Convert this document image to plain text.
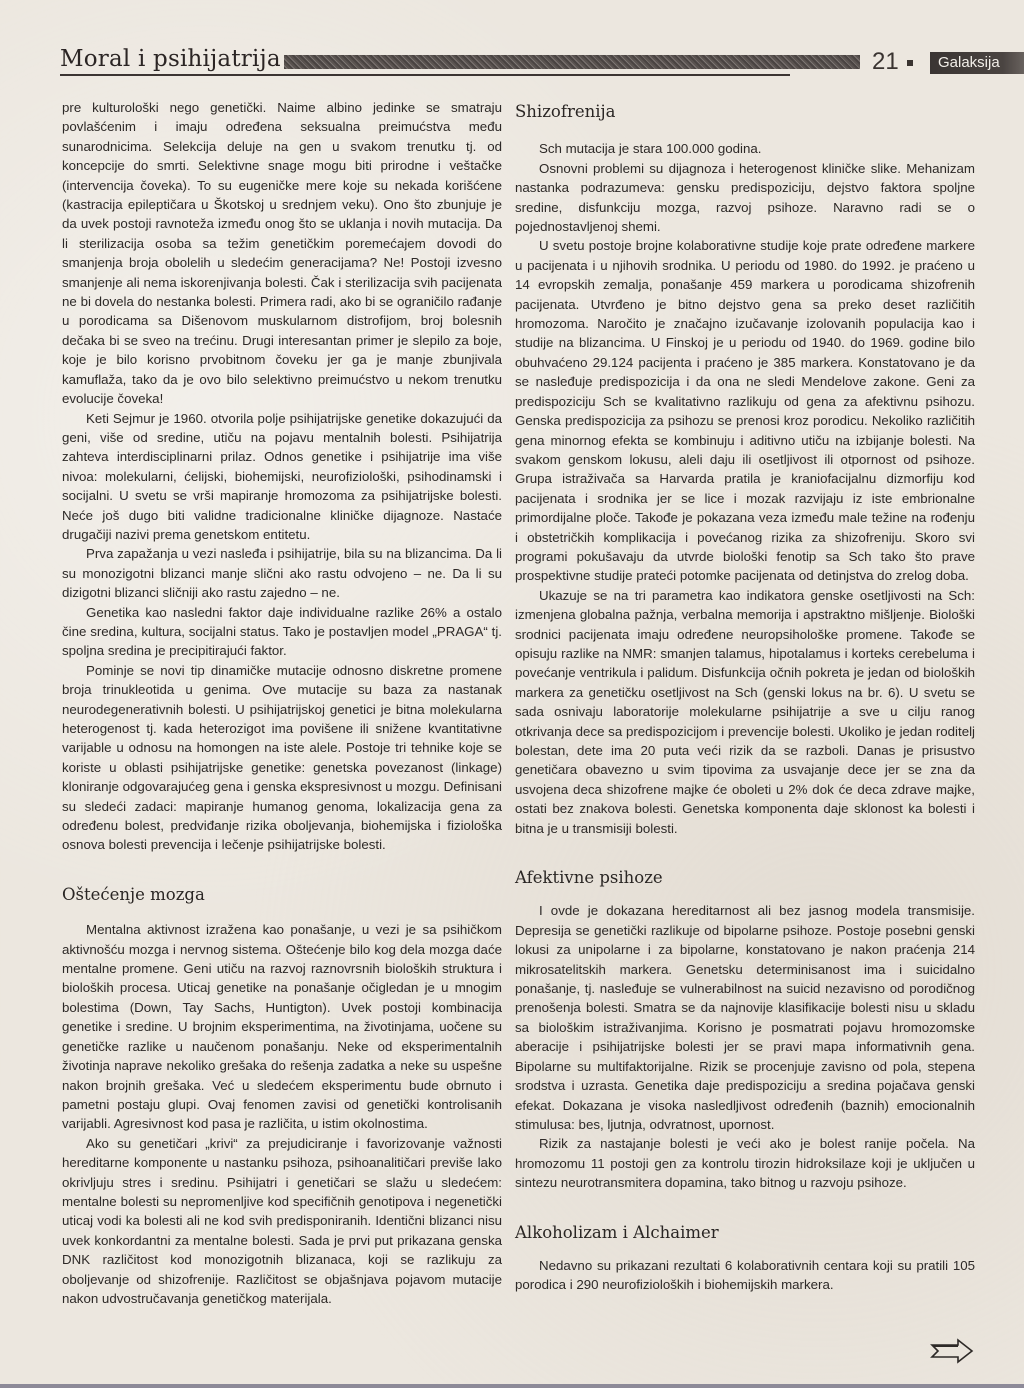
Moral i psihijatrija	21	Galaksija

pre kulturološki nego genetički. Naime albino jedinke se smatraju povlašćenim i imaju određena seksualna preimućstva među sunarodnicima. Selekcija deluje na gen u svakom trenutku tj. od koncepcije do smrti. Selektivne snage mogu biti prirodne i veštačke (intervencija čoveka). To su eugeničke mere koje su nekada korišćene (kastracija epileptičara u Škotskoj u srednjem veku). Ono što zbunjuje je da uvek postoji ravnoteža između onog što se uklanja i novih mutacija. Da li sterilizacija osoba sa težim genetičkim poremećajem dovodi do smanjenja broja obolelih u sledećim generacijama? Ne! Postoji izvesno smanjenje ali nema iskorenjivanja bolesti. Čak i sterilizacija svih pacijenata ne bi dovela do nestanka bolesti. Primera radi, ako bi se ograničilo rađanje u porodicama sa Dišenovom muskularnom distrofijom, broj bolesnih dečaka bi se sveo na trećinu. Drugi interesantan primer je slepilo za boje, koje je bilo korisno prvobitnom čoveku jer ga je manje zbunjivala kamuflaža, tako da je ovo bilo selektivno preimućstvo u nekom trenutku evolucije čoveka!

Keti Sejmur je 1960. otvorila polje psihijatrijske genetike dokazujući da geni, više od sredine, utiču na pojavu mentalnih bolesti. Psihijatrija zahteva interdisciplinarni prilaz. Odnos genetike i psihijatrije ima više nivoa: molekularni, ćelijski, biohemijski, neurofiziološki, psihodinamski i socijalni. U svetu se vrši mapiranje hromozoma za psihijatrijske bolesti. Neće još dugo biti validne tradicionalne kliničke dijagnoze. Nastaće drugačiji nazivi prema genetskom entitetu.

Prva zapažanja u vezi nasleđa i psihijatrije, bila su na blizancima. Da li su monozigotni blizanci manje slični ako rastu odvojeno – ne. Da li su dizigotni blizanci sličniji ako rastu zajedno – ne.

Genetika kao nasledni faktor daje individualne razlike 26% a ostalo čine sredina, kultura, socijalni status. Tako je postavljen model „PRAGA“ tj. spoljna sredina je precipitirajući faktor.

Pominje se novi tip dinamičke mutacije odnosno diskretne promene broja trinukleotida u genima. Ove mutacije su baza za nastanak neurodegenerativnih bolesti. U psihijatrijskoj genetici je bitna molekularna heterogenost tj. kada heterozigot ima povišene ili snižene kvantitativne varijable u odnosu na homongen na iste alele. Postoje tri tehnike koje se koriste u oblasti psihijatrijske genetike: genetska povezanost (linkage) kloniranje odgovarajućeg gena i genska ekspresivnost u mozgu. Definisani su sledeći zadaci: mapiranje humanog genoma, lokalizacija gena za određenu bolest, predviđanje rizika oboljevanja, biohemijska i fiziološka osnova bolesti prevencija i lečenje psihijatrijske bolesti.

Oštećenje mozga

Mentalna aktivnost izražena kao ponašanje, u vezi je sa psihičkom aktivnošću mozga i nervnog sistema. Oštećenje bilo kog dela mozga daće mentalne promene. Geni utiču na razvoj raznovrsnih bioloških struktura i bioloških procesa. Uticaj genetike na ponašanje očigledan je u mnogim bolestima (Down, Tay Sachs, Huntigton). Uvek postoji kombinacija genetike i sredine. U brojnim eksperimentima, na životinjama, uočene su genetičke razlike u naučenom ponašanju. Neke od eksperimentalnih životinja naprave nekoliko grešaka do rešenja zadatka a neke su uspešne nakon brojnih grešaka. Već u sledećem eksperimentu bude obrnuto i pametni postaju glupi. Ovaj fenomen zavisi od genetički kontrolisanih varijabli. Agresivnost kod pasa je različita, u istim okolnostima.

Ako su genetičari „krivi“ za prejudiciranje i favorizovanje važnosti hereditarne komponente u nastanku psihoza, psihoanalitičari previše lako okrivljuju stres i sredinu. Psihijatri i genetičari se slažu u sledećem: mentalne bolesti su nepromenljive kod specifičnih genotipova i negenetički uticaj vodi ka bolesti ali ne kod svih predisponiranih. Identični blizanci nisu uvek konkordantni za mentalne bolesti. Sada je prvi put prikazana genska DNK različitost kod monozigotnih blizanaca, koji se razlikuju za oboljevanje od shizofrenije. Različitost se objašnjava pojavom mutacije nakon udvostručavanja genetičkog materijala.

Shizofrenija

Sch mutacija je stara 100.000 godina.

Osnovni problemi su dijagnoza i heterogenost kliničke slike. Mehanizam nastanka podrazumeva: gensku predispoziciju, dejstvo faktora spoljne sredine, disfunkciju mozga, razvoj psihoze. Naravno radi se o pojednostavljenoj shemi.

U svetu postoje brojne kolaborativne studije koje prate određene markere u pacijenata i u njihovih srodnika. U periodu od 1980. do 1992. je praćeno u 14 evropskih zemalja, ponašanje 459 markera u porodicama shizofrenih pacijenata. Utvrđeno je bitno dejstvo gena sa preko deset različitih hromozoma. Naročito je značajno izučavanje izolovanih populacija kao i studije na blizancima. U Finskoj je u periodu od 1940. do 1969. godine bilo obuhvaćeno 29.124 pacijenta i praćeno je 385 markera. Konstatovano je da se nasleđuje predispozicija i da ona ne sledi Mendelove zakone. Geni za predispoziciju Sch se kvalitativno razlikuju od gena za afektivnu psihozu. Genska predispozicija za psihozu se prenosi kroz porodicu. Nekoliko različitih gena minornog efekta se kombinuju i aditivno utiču na izbijanje bolesti. Na svakom genskom lokusu, aleli daju ili osetljivost ili otpornost od psihoze. Grupa istraživača sa Harvarda pratila je kraniofacijalnu dizmorfiju kod pacijenata i srodnika jer se lice i mozak razvijaju iz iste embrionalne primordijalne ploče. Takođe je pokazana veza između male težine na rođenju i obstetričkih komplikacija i povećanog rizika za shizofreniju. Skoro svi programi pokušavaju da utvrde biološki fenotip sa Sch tako što prave prospektivne studije prateći potomke pacijenata od detinjstva do zrelog doba.

Ukazuje se na tri parametra kao indikatora genske osetljivosti na Sch: izmenjena globalna pažnja, verbalna memorija i apstraktno mišljenje. Biološki srodnici pacijenata imaju određene neuropsihološke promene. Takođe se opisuju razlike na NMR: smanjen talamus, hipotalamus i korteks cerebeluma i povećanje ventrikula i palidum. Disfunkcija očnih pokreta je jedan od bioloških markera za genetičku osetljivost na Sch (genski lokus na br. 6). U svetu se sada osnivaju laboratorije molekularne psihijatrije a sve u cilju ranog otkrivanja dece sa predispozicijom i prevencije bolesti. Ukoliko je jedan roditelj bolestan, dete ima 20 puta veći rizik da se razboli. Danas je prisustvo genetičara obavezno u svim tipovima za usvajanje dece jer se zna da usvojena deca shizofrene majke će oboleti u 2% dok će deca zdrave majke, ostati bez znakova bolesti. Genetska komponenta daje sklonost ka bolesti i bitna je u transmisiji bolesti.

Afektivne psihoze

I ovde je dokazana hereditarnost ali bez jasnog modela transmisije. Depresija se genetički razlikuje od bipolarne psihoze. Postoje posebni genski lokusi za unipolarne i za bipolarne, konstatovano je nakon praćenja 214 mikrosatelitskih markera. Genetsku determinisanost ima i suicidalno ponašanje, tj. nasleđuje se vulnerabilnost na suicid nezavisno od porodičnog prenošenja bolesti. Smatra se da najnovije klasifikacije bolesti nisu u skladu sa biološkim istraživanjima. Korisno je posmatrati pojavu hromozomske aberacije i psihijatrijske bolesti jer se pravi mapa informativnih gena. Bipolarne su multifaktorijalne. Rizik se procenjuje zavisno od pola, stepena srodstva i uzrasta. Genetika daje predispoziciju a sredina pojačava genski efekat. Dokazana je visoka nasledljivost određenih (baznih) emocionalnih stimulusa: bes, ljutnja, odvratnost, upornost.

Rizik za nastajanje bolesti je veći ako je bolest ranije počela. Na hromozomu 11 postoji gen za kontrolu tirozin hidroksilaze koji je uključen u sintezu neurotransmitera dopamina, tako bitnog u razvoju psihoze.

Alkoholizam i Alchaimer

Nedavno su prikazani rezultati 6 kolaborativnih centara koji su pratili 105 porodica i 290 neurofizioloških i biohemijskih markera.
